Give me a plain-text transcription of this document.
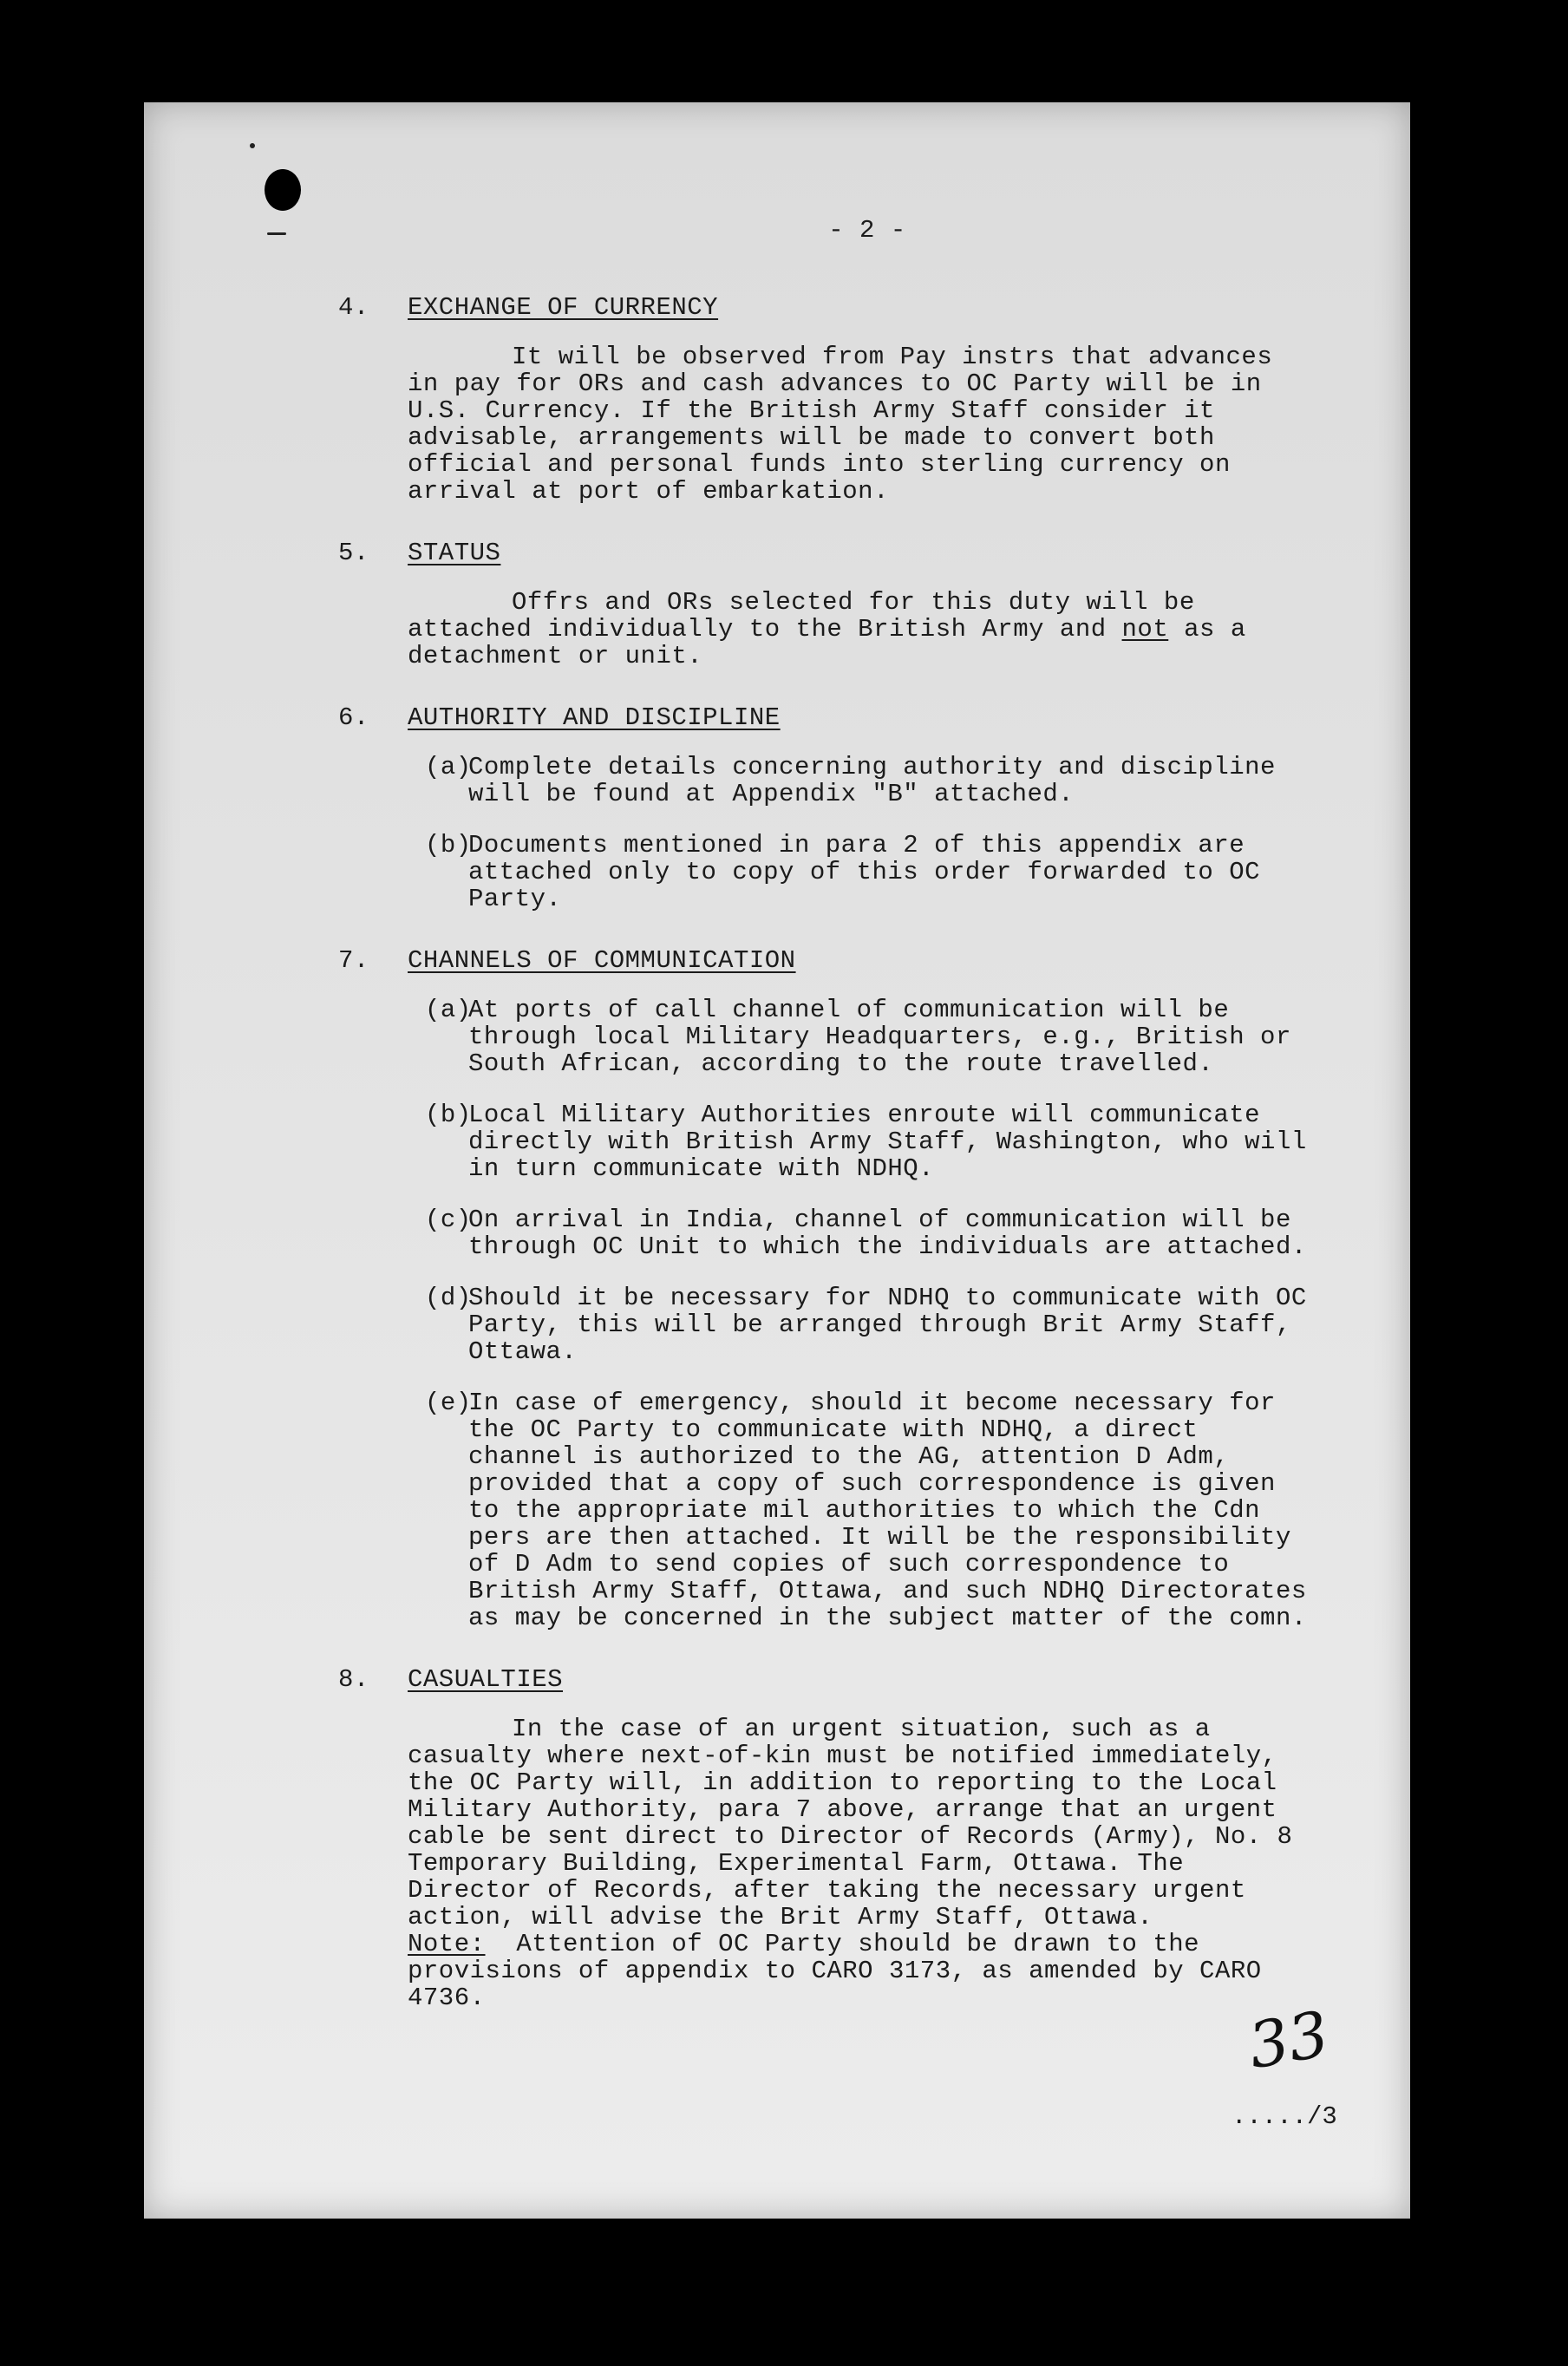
- 2 -
4.	EXCHANGE OF CURRENCY
It will be observed from Pay instrs that advances in pay for ORs and cash advances to OC Party will be in U.S. Currency. If the British Army Staff consider it advisable, arrangements will be made to convert both official and personal funds into sterling currency on arrival at port of embarkation.
5.	STATUS
Offrs and ORs selected for this duty will be attached individually to the British Army and not as a detachment or unit.
6.	AUTHORITY AND DISCIPLINE
(a)
Complete details concerning authority and discipline will be found at Appendix "B" attached.
(b)
Documents mentioned in para 2 of this appendix are attached only to copy of this order forwarded to OC Party.
7.	CHANNELS OF COMMUNICATION
(a)
At ports of call channel of communication will be through local Military Headquarters, e.g., British or South African, according to the route travelled.
(b)
Local Military Authorities enroute will communicate directly with British Army Staff, Washington, who will in turn communicate with NDHQ.
(c)
On arrival in India, channel of communication will be through OC Unit to which the individuals are attached.
(d)
Should it be necessary for NDHQ to communicate with OC Party, this will be arranged through Brit Army Staff, Ottawa.
(e)
In case of emergency, should it become necessary for the OC Party to communicate with NDHQ, a direct channel is authorized to the AG, attention D Adm, provided that a copy of such correspondence is given to the appropriate mil authorities to which the Cdn pers are then attached. It will be the responsibility of D Adm to send copies of such correspondence to British Army Staff, Ottawa, and such NDHQ Directorates as may be concerned in the subject matter of the comn.
8.	CASUALTIES
In the case of an urgent situation, such as a casualty where next-of-kin must be notified immediately, the OC Party will, in addition to reporting to the Local Military Authority, para 7 above, arrange that an urgent cable be sent direct to Director of Records (Army), No. 8 Temporary Building, Experimental Farm, Ottawa. The Director of Records, after taking the necessary urgent action, will advise the Brit Army Staff, Ottawa.
Note: Attention of OC Party should be drawn to the provisions of appendix to CARO 3173, as amended by CARO 4736.	33
...../3
